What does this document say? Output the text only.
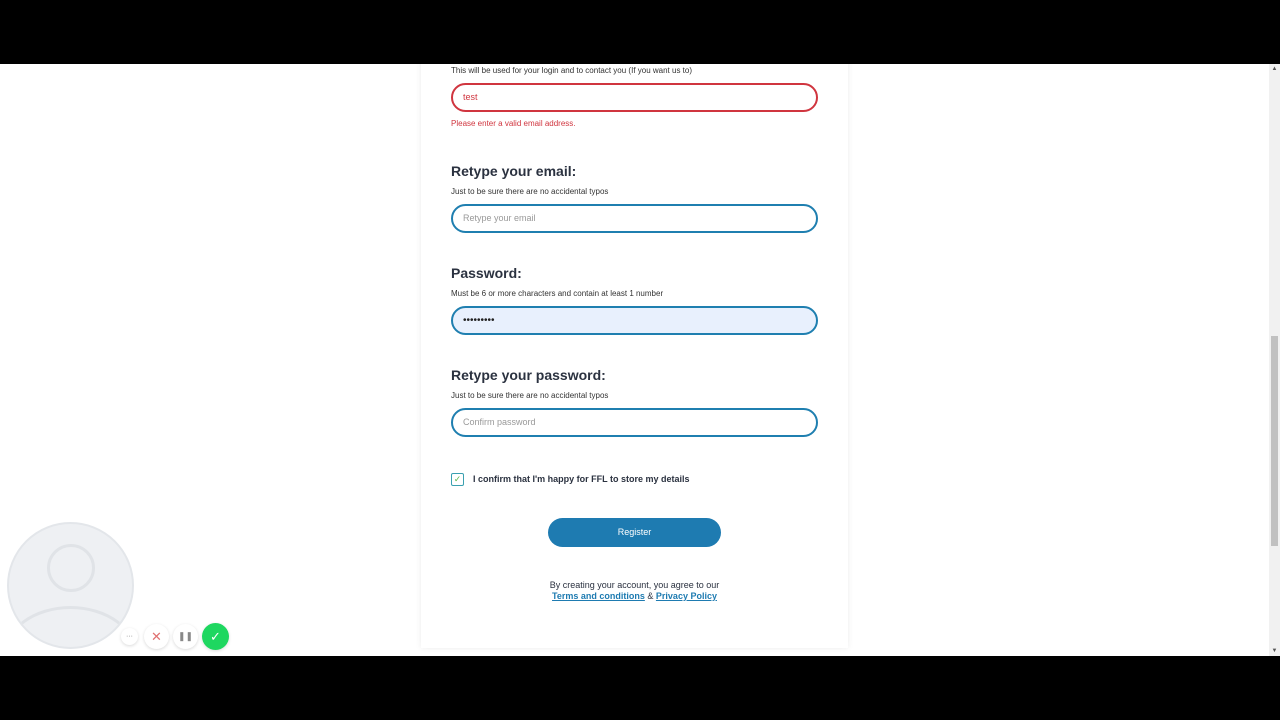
This will be used for your login and to contact you (If you want us to)
test
Please enter a valid email address.
Retype your email:
Just to be sure there are no accidental typos
Retype your email
Password:
Must be 6 or more characters and contain at least 1 number
•••••••••
Retype your password:
Just to be sure there are no accidental typos
Confirm password
✓	I confirm that I'm happy for FFL to store my details
Register
By creating your account, you agree to our
Terms and conditions & Privacy Policy
▲
▼
···	✕	❚❚	✓
